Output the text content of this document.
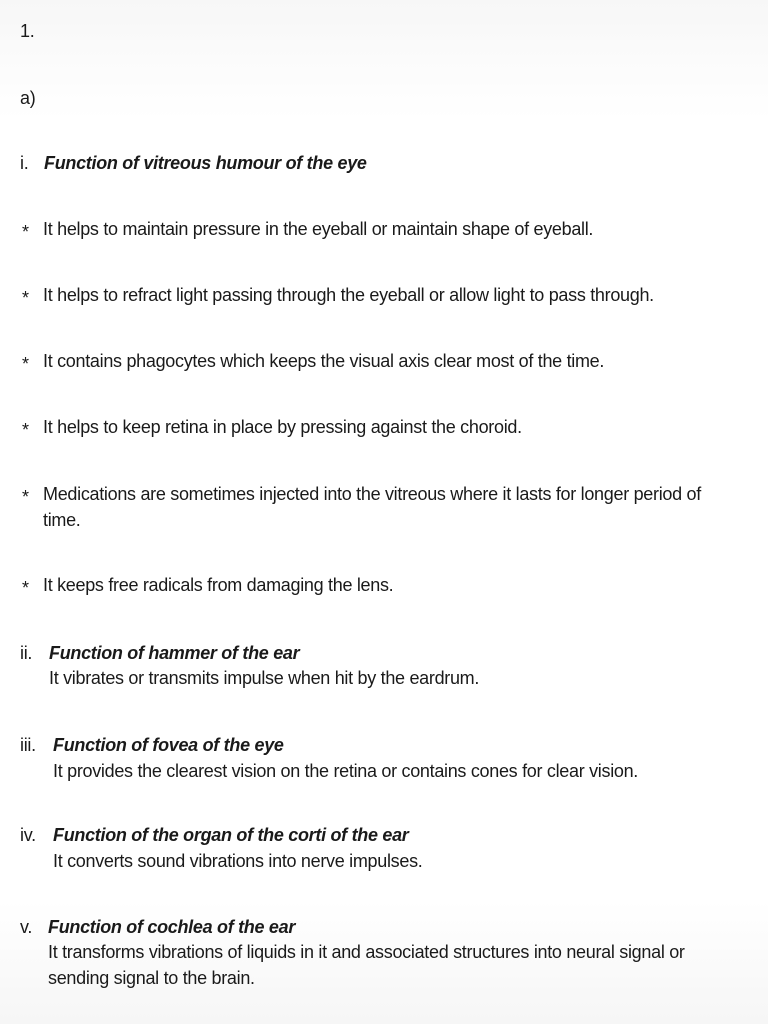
1.
a)
i. Function of vitreous humour of the eye
* It helps to maintain pressure in the eyeball or maintain shape of eyeball.
* It helps to refract light passing through the eyeball or allow light to pass through.
* It contains phagocytes which keeps the visual axis clear most of the time.
* It helps to keep retina in place by pressing against the choroid.
* Medications are sometimes injected into the vitreous where it lasts for longer period of
time.
* It keeps free radicals from damaging the lens.
ii. Function of hammer of the ear
It vibrates or transmits impulse when hit by the eardrum.
iii. Function of fovea of the eye
It provides the clearest vision on the retina or contains cones for clear vision.
iv. Function of the organ of the corti of the ear
It converts sound vibrations into nerve impulses.
v. Function of cochlea of the ear
It transforms vibrations of liquids in it and associated structures into neural signal or
sending signal to the brain.
